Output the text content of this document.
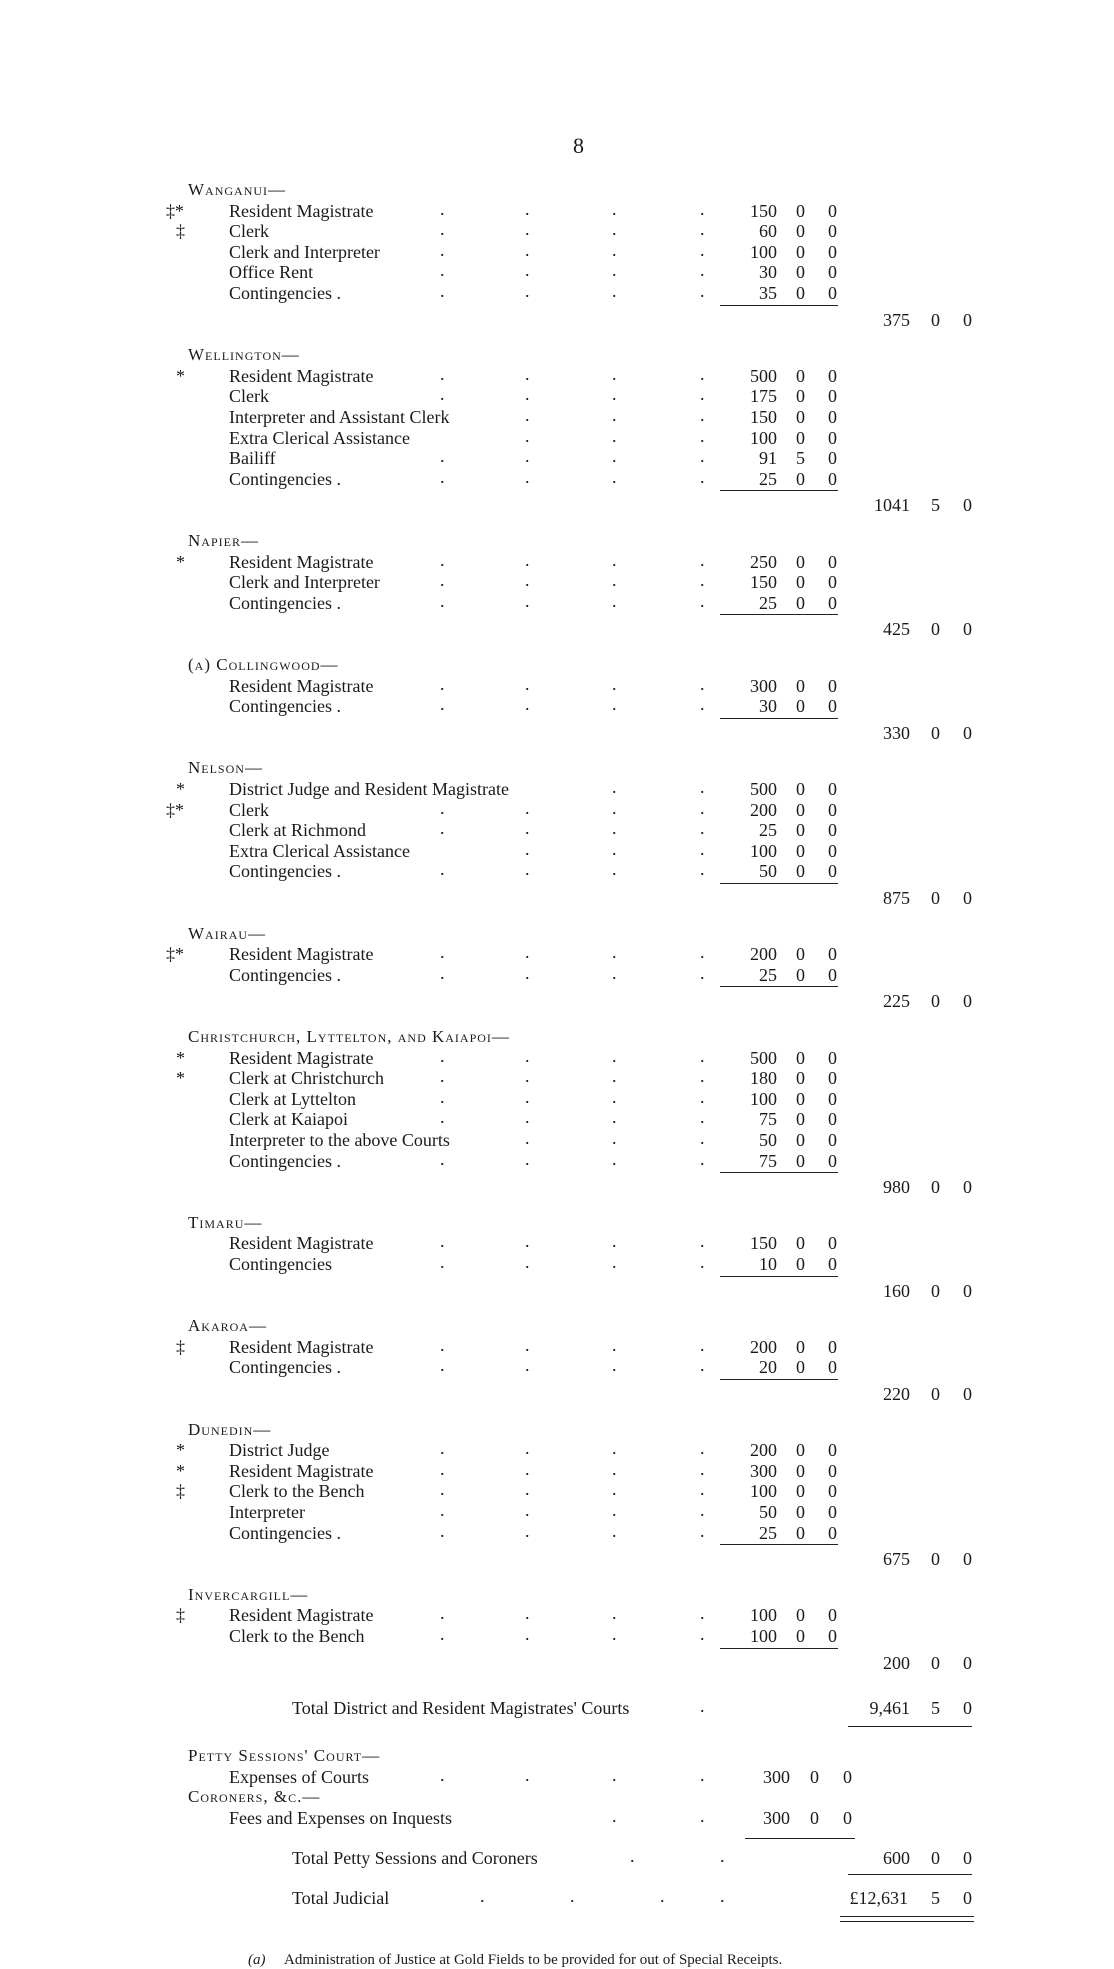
8
Wanganui—
‡*	Resident Magistrate	.	.	.	.	150	0	0
‡ Clerk	.	.	.	.	60	0	0
Clerk and Interpreter	.	.	.	.	100	0	0
Office Rent	.	.	.	.	30	0	0
Contingencies .	.	.	.	.	35	0	0
375	0	0
Wellington—
* Resident Magistrate	.	.	.	.	500	0	0
Clerk	.	.	.	.	175	0	0
Interpreter and Assistant Clerk	.	.	.	150	0	0
Extra Clerical Assistance	.	.	.	100	0	0
Bailiff	.	.	.	.	91	5	0
Contingencies .	.	.	.	.	25	0	0
1041	5	0
Napier—
* Resident Magistrate	.	.	.	.	250	0	0
Clerk and Interpreter	.	.	.	.	150	0	0
Contingencies .	.	.	.	.	25	0	0
425	0	0
(a) Collingwood—
Resident Magistrate	.	.	.	.	300	0	0
Contingencies .	.	.	.	.	30	0	0
330	0	0
Nelson—
* District Judge and Resident Magistrate	.	.	500	0	0
‡*	Clerk	.	.	.	.	200	0	0
Clerk at Richmond	.	.	.	.	25	0	0
Extra Clerical Assistance	.	.	.	100	0	0
Contingencies .	.	.	.	.	50	0	0
875	0	0
Wairau—
‡*	Resident Magistrate	.	.	.	.	200	0	0
Contingencies .	.	.	.	.	25	0	0
225	0	0
Christchurch, Lyttelton, and Kaiapoi—
* Resident Magistrate	.	.	.	.	500	0	0
* Clerk at Christchurch	.	.	.	.	180	0	0
Clerk at Lyttelton	.	.	.	.	100	0	0
Clerk at Kaiapoi	.	.	.	.	75	0	0
Interpreter to the above Courts	.	.	.	50	0	0
Contingencies .	.	.	.	.	75	0	0
980	0	0
Timaru—
Resident Magistrate	.	.	.	.	150	0	0
Contingencies	.	.	.	.	10	0	0
160	0	0
Akaroa—
‡ Resident Magistrate	.	.	.	.	200	0	0
Contingencies .	.	.	.	.	20	0	0
220	0	0
Dunedin—
* District Judge	.	.	.	.	200	0	0
* Resident Magistrate	.	.	.	.	300	0	0
‡ Clerk to the Bench	.	.	.	.	100	0	0
Interpreter	.	.	.	.	50	0	0
Contingencies .	.	.	.	.	25	0	0
675	0	0
Invercargill—
‡ Resident Magistrate	.	.	.	.	100	0	0
Clerk to the Bench	.	.	.	.	100	0	0
200	0	0
Total District and Resident Magistrates' Courts	.	9,461	5	0
Petty Sessions' Court—
Expenses of Courts	.	.	.	.	300	0	0
Coroners, &c.—
Fees and Expenses on Inquests	.	.	300	0	0
Total Petty Sessions and Coroners	.	.	600	0	0
Total Judicial	.	.	.	.	£12,631	5	0
(a) Administration of Justice at Gold Fields to be provided for out of Special Receipts.
